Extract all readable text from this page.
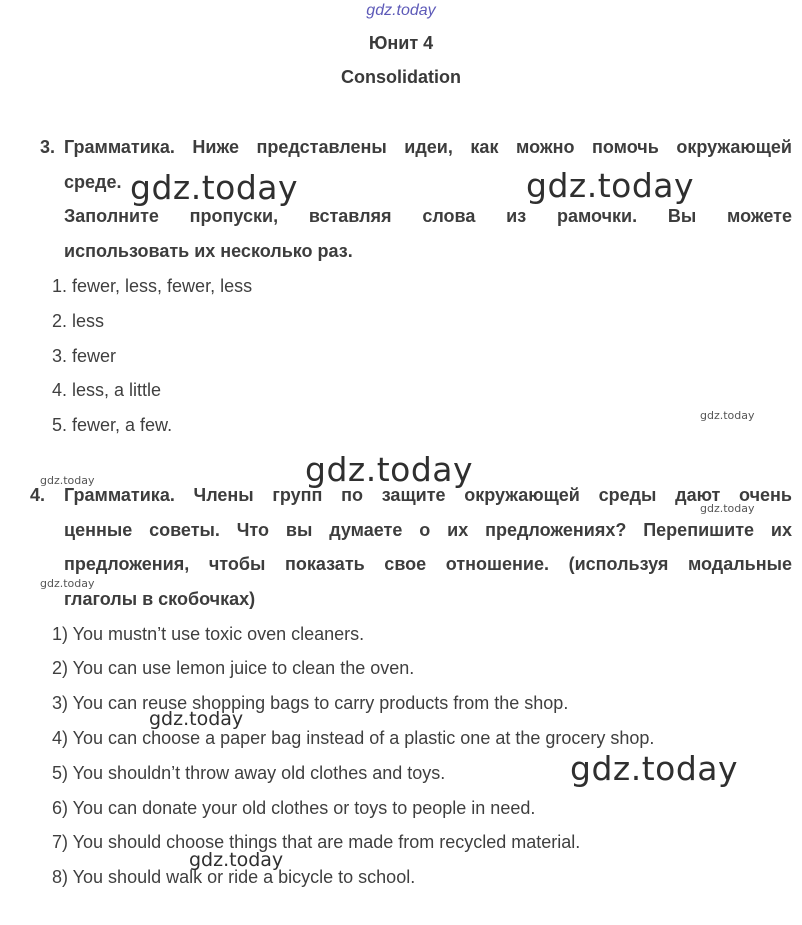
gdz.today
Юнит 4
Consolidation
3. Грамматика. Ниже представлены идеи, как можно помочь окружающей
среде.
Заполните пропуски, вставляя слова из рамочки. Вы можете
использовать их несколько раз.
1. fewer, less, fewer, less
2. less
3. fewer
4. less, a little
5. fewer, a few.
4. Грамматика. Члены групп по защите окружающей среды дают очень
ценные советы. Что вы думаете о их предложениях? Перепишите их
предложения, чтобы показать свое отношение. (используя модальные
глаголы в скобочках)
1) You mustn’t use toxic oven cleaners.
2) You can use lemon juice to clean the oven.
3) You can reuse shopping bags to carry products from the shop.
4) You can choose a paper bag instead of a plastic one at the grocery shop.
5) You shouldn’t throw away old clothes and toys.
6) You can donate your old clothes or toys to people in need.
7) You should choose things that are made from recycled material.
8) You should walk or ride a bicycle to school.
gdz.today	gdz.today
gdz.today
gdz.today
gdz.today
gdz.today
gdz.today
gdz.today
gdz.today
gdz.today
